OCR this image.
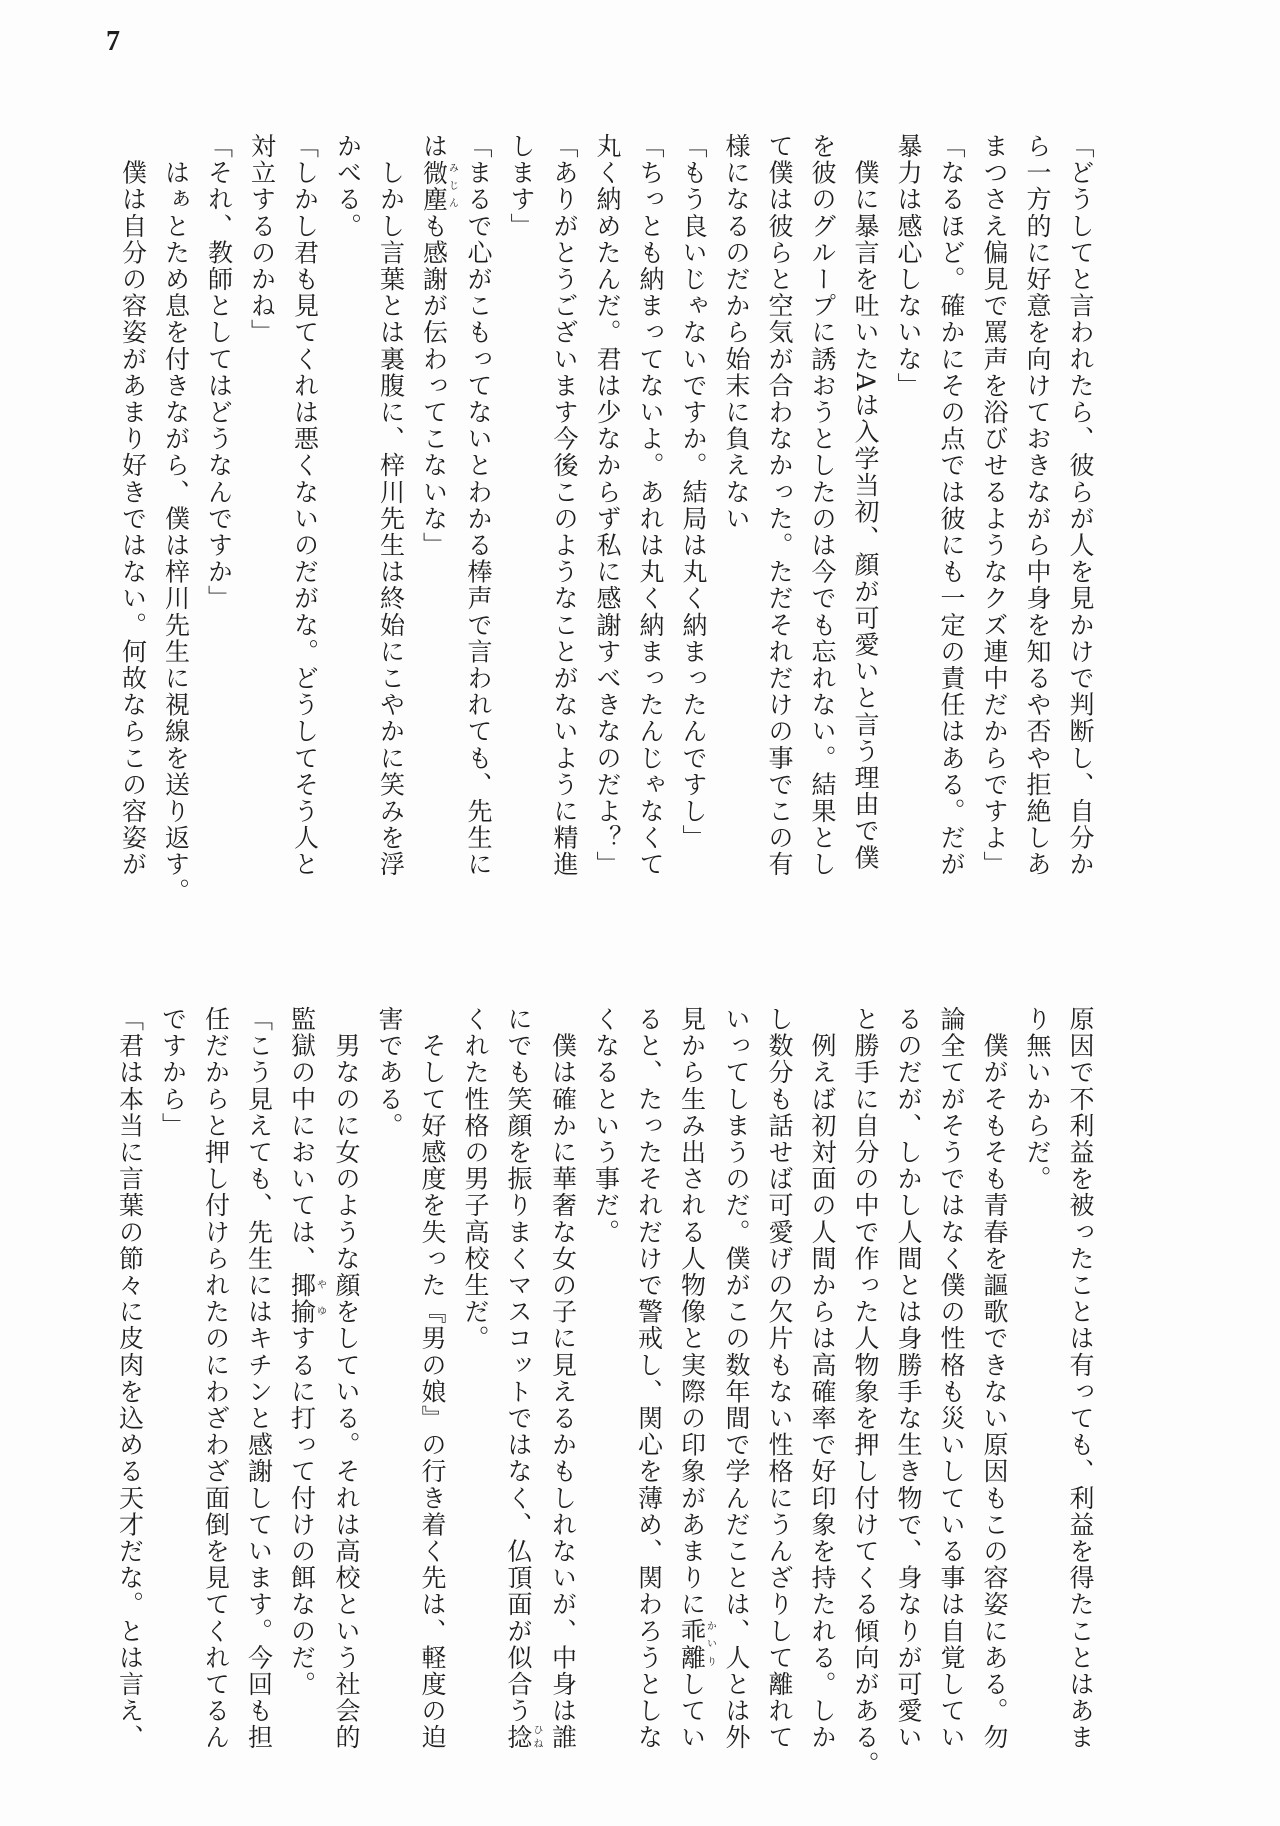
7
「どうしてと言われたら、彼らが人を見かけで判断し、自分か
ら一方的に好意を向けておきながら中身を知るや否や拒絶しあ
まつさえ偏見で罵声を浴びせるようなクズ連中だからですよ」
「なるほど。確かにその点では彼にも一定の責任はある。だが
暴力は感心しないな」
　僕に暴言を吐いたAは入学当初、顔が可愛いと言う理由で僕
を彼のグループに誘おうとしたのは今でも忘れない。結果とし
て僕は彼らと空気が合わなかった。ただそれだけの事でこの有
様になるのだから始末に負えない
「もう良いじゃないですか。結局は丸く納まったんですし」
「ちっとも納まってないよ。あれは丸く納まったんじゃなくて
丸く納めたんだ。君は少なからず私に感謝すべきなのだよ？」
「ありがとうございます今後このようなことがないように精進
します」
「まるで心がこもってないとわかる棒声で言われても、先生に
は微塵みじんも感謝が伝わってこないな」
　しかし言葉とは裏腹に、梓川先生は終始にこやかに笑みを浮
かべる。
「しかし君も見てくれは悪くないのだがな。どうしてそう人と
対立するのかね」
「それ、教師としてはどうなんですか」
　はぁとため息を付きながら、僕は梓川先生に視線を送り返す。
　僕は自分の容姿があまり好きではない。何故ならこの容姿が
原因で不利益を被ったことは有っても、利益を得たことはあま
り無いからだ。
　僕がそもそも青春を謳歌できない原因もこの容姿にある。勿
論全てがそうではなく僕の性格も災いしている事は自覚してい
るのだが、しかし人間とは身勝手な生き物で、身なりが可愛い
と勝手に自分の中で作った人物象を押し付けてくる傾向がある。
　例えば初対面の人間からは高確率で好印象を持たれる。しか
し数分も話せば可愛げの欠片もない性格にうんざりして離れて
いってしまうのだ。僕がこの数年間で学んだことは、人とは外
見から生み出される人物像と実際の印象があまりに乖離かいりしてい
ると、たったそれだけで警戒し、関心を薄め、関わろうとしな
くなるという事だ。
　僕は確かに華奢な女の子に見えるかもしれないが、中身は誰
にでも笑顔を振りまくマスコットではなく、仏頂面が似合う捻ひね
くれた性格の男子高校生だ。
　そして好感度を失った『男の娘』の行き着く先は、軽度の迫
害である。
　男なのに女のような顔をしている。それは高校という社会的
監獄の中においては、揶揄やゆするに打って付けの餌なのだ。
「こう見えても、先生にはキチンと感謝しています。今回も担
任だからと押し付けられたのにわざわざ面倒を見てくれてるん
ですから」
「君は本当に言葉の節々に皮肉を込める天才だな。とは言え、
